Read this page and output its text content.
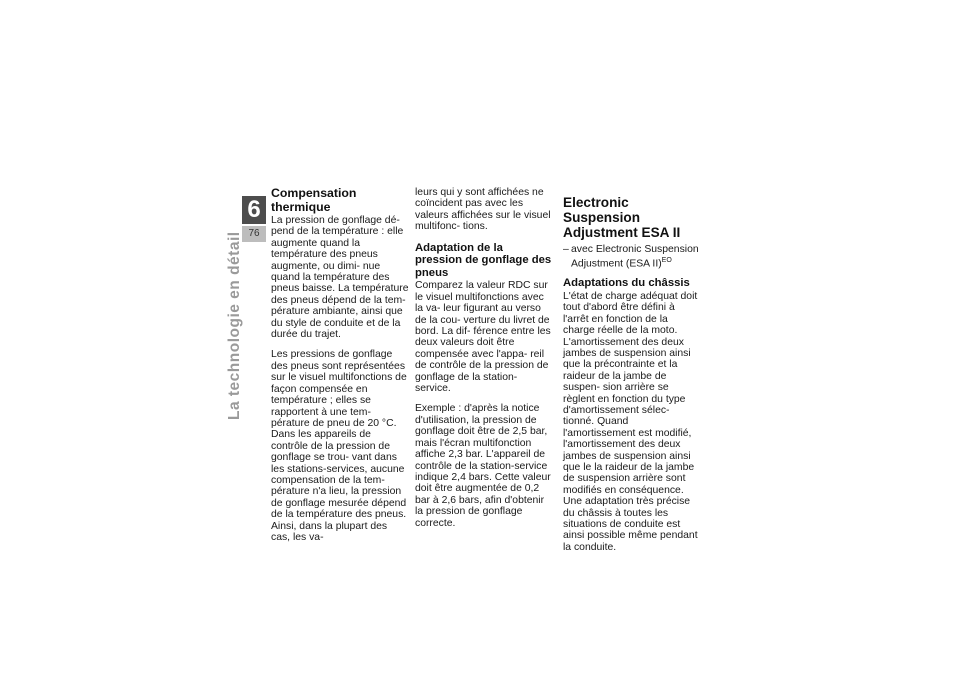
6
76
La technologie en détail
Compensation thermique

La pression de gonflage dé- pend de la température : elle augmente quand la température des pneus augmente, ou dimi- nue quand la température des pneus baisse. La température des pneus dépend de la tem- pérature ambiante, ainsi que du style de conduite et de la durée du trajet.

Les pressions de gonflage des pneus sont représentées sur le visuel multifonctions de façon compensée en température ; elles se rapportent à une tem- pérature de pneu de 20 °C. Dans les appareils de contrôle de la pression de gonflage se trou- vant dans les stations-services, aucune compensation de la tem- pérature n'a lieu, la pression de gonflage mesurée dépend de la température des pneus. Ainsi, dans la plupart des cas, les va-

leurs qui y sont affichées ne coïncident pas avec les valeurs affichées sur le visuel multifonc- tions.

Adaptation de la pression de gonflage des pneus

Comparez la valeur RDC sur le visuel multifonctions avec la va- leur figurant au verso de la cou- verture du livret de bord. La dif- férence entre les deux valeurs doit être compensée avec l'appa- reil de contrôle de la pression de gonflage de la station-service.

Exemple : d'après la notice d'utilisation, la pression de gonflage doit être de 2,5 bar, mais l'écran multifonction affiche 2,3 bar. L'appareil de contrôle de la station-service indique 2,4 bars. Cette valeur doit être augmentée de 0,2 bar à 2,6 bars, afin d'obtenir la pression de gonflage correcte.

Electronic Suspension Adjustment ESA II
– avec Electronic Suspension Adjustment (ESA II)$^{EO}$
Adaptations du châssis

L'état de charge adéquat doit tout d'abord être défini à l'arrêt en fonction de la charge réelle de la moto. L'amortissement des deux jambes de suspension ainsi que la précontrainte et la raideur de la jambe de suspen- sion arrière se règlent en fonction du type d'amortissement sélec- tionné. Quand l'amortissement est modifié, l'amortissement des deux jambes de suspension ainsi que le la raideur de la jambe de suspension arrière sont modifiés en conséquence. Une adaptation très précise du châssis à toutes les situations de conduite est ainsi possible même pendant la conduite.
